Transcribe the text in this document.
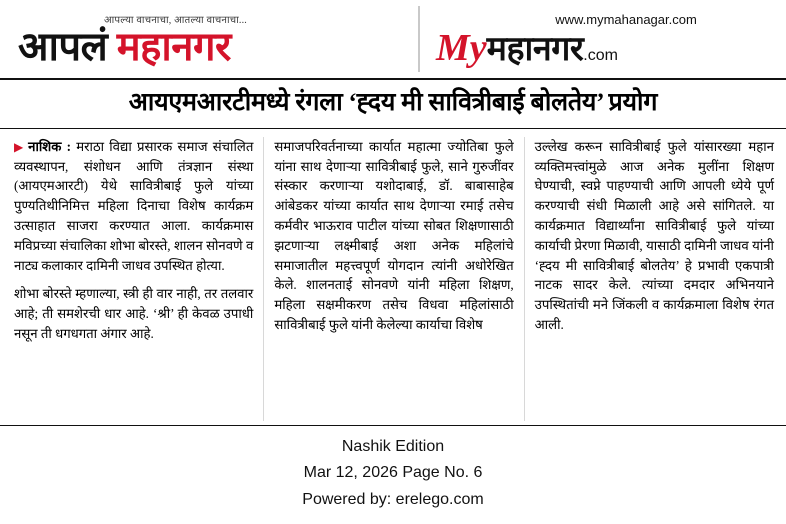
आपल्या वाचनाचा, आतल्या वाचनाचा...
आपलं महानगर
www.mymahanagar.com
Myमहानगर.com
आयएमआरटीमध्ये रंगला ‘ह्दय मी सावित्रीबाई बोलतेय’ प्रयोग

▶ नाशिक : मराठा विद्या प्रसारक समाज संचालित व्यवस्थापन, संशोधन आणि तंत्रज्ञान संस्था (आयएमआरटी) येथे सावित्रीबाई फुले यांच्या पुण्यतिथीनिमित्त महिला दिनाचा विशेष कार्यक्रम उत्साहात साजरा करण्यात आला. कार्यक्रमास मविप्रच्या संचालिका शोभा बोरस्ते, शालन सोनवणे व नाट्य कलाकार दामिनी जाधव उपस्थित होत्या.

शोभा बोरस्ते म्हणाल्या, स्त्री ही वार नाही, तर तलवार आहे; ती समशेरची धार आहे. ‘श्री’ ही केवळ उपाधी नसून ती धगधगता अंगार आहे.

समाजपरिवर्तनाच्या कार्यात महात्मा ज्योतिबा फुले यांना साथ देणाऱ्या सावित्रीबाई फुले, साने गुरुजींवर संस्कार करणाऱ्या यशोदाबाई, डॉ. बाबासाहेब आंबेडकर यांच्या कार्यात साथ देणाऱ्या रमाई तसेच कर्मवीर भाऊराव पाटील यांच्या सोबत शिक्षणासाठी झटणाऱ्या लक्ष्मीबाई अशा अनेक महिलांचे समाजातील महत्त्वपूर्ण योगदान त्यांनी अधोरेखित केले. शालनताई सोनवणे यांनी महिला शिक्षण, महिला सक्षमीकरण तसेच विधवा महिलांसाठी सावित्रीबाई फुले यांनी केलेल्या कार्याचा विशेष

उल्लेख करून सावित्रीबाई फुले यांसारख्या महान व्यक्तिमत्त्वांमुळे आज अनेक मुलींना शिक्षण घेण्याची, स्वप्ने पाहण्याची आणि आपली ध्येये पूर्ण करण्याची संधी मिळाली आहे असे सांगितले. या कार्यक्रमात विद्यार्थ्यांना सावित्रीबाई फुले यांच्या कार्याची प्रेरणा मिळावी, यासाठी दामिनी जाधव यांनी ‘ह्दय मी सावित्रीबाई बोलतेय’ हे प्रभावी एकपात्री नाटक सादर केले. त्यांच्या दमदार अभिनयाने उपस्थितांची मने जिंकली व कार्यक्रमाला विशेष रंगत आली.

Nashik Edition
Mar 12, 2026 Page No. 6
Powered by: erelego.com
